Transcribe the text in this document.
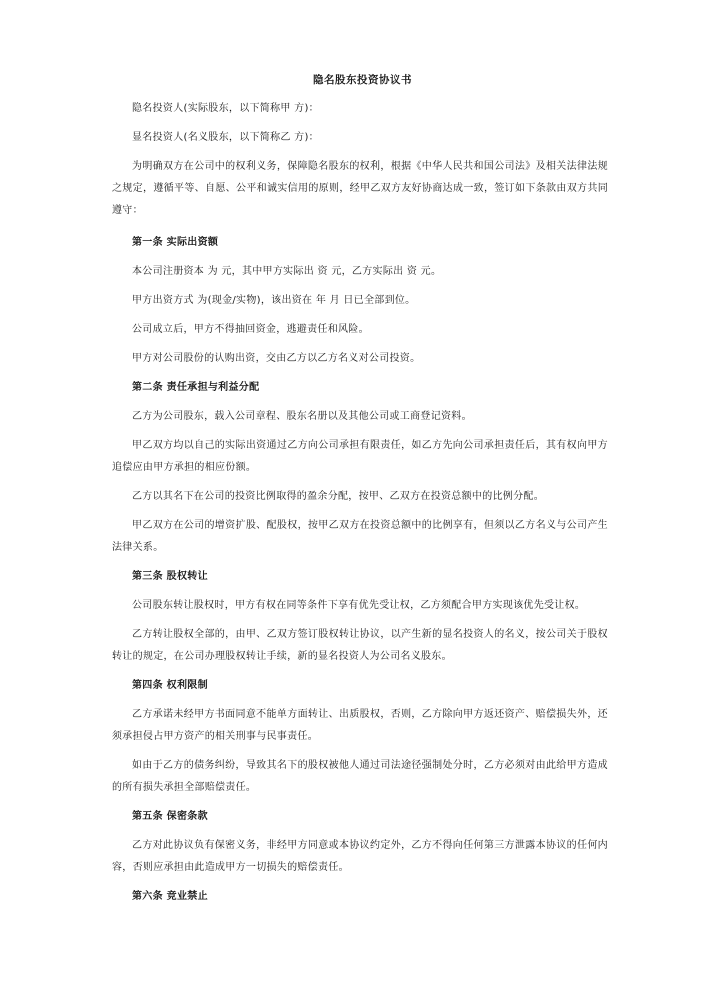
隐名股东投资协议书

隐名投资人(实际股东，以下简称甲 方)：

显名投资人(名义股东，以下简称乙 方)：

为明确双方在公司中的权利义务，保障隐名股东的权利，根据《中华人民共和国公司法》及相关法律法规之规定，遵循平等、自愿、公平和诚实信用的原则，经甲乙双方友好协商达成一致，签订如下条款由双方共同遵守：

第一条 实际出资额

本公司注册资本 为 元，其中甲方实际出 资 元，乙方实际出 资 元。

甲方出资方式 为(现金/实物)，该出资在 年 月 日已全部到位。

公司成立后，甲方不得抽回资金，逃避责任和风险。

甲方对公司股份的认购出资，交由乙方以乙方名义对公司投资。

第二条 责任承担与利益分配

乙方为公司股东，载入公司章程、股东名册以及其他公司或工商登记资料。

甲乙双方均以自己的实际出资通过乙方向公司承担有限责任，如乙方先向公司承担责任后，其有权向甲方追偿应由甲方承担的相应份额。

乙方以其名下在公司的投资比例取得的盈余分配，按甲、乙双方在投资总额中的比例分配。

甲乙双方在公司的增资扩股、配股权，按甲乙双方在投资总额中的比例享有，但须以乙方名义与公司产生法律关系。

第三条 股权转让

公司股东转让股权时，甲方有权在同等条件下享有优先受让权，乙方须配合甲方实现该优先受让权。

乙方转让股权全部的，由甲、乙双方签订股权转让协议，以产生新的显名投资人的名义，按公司关于股权转让的规定，在公司办理股权转让手续，新的显名投资人为公司名义股东。

第四条 权利限制

乙方承诺未经甲方书面同意不能单方面转让、出质股权，否则，乙方除向甲方返还资产、赔偿损失外，还须承担侵占甲方资产的相关刑事与民事责任。

如由于乙方的债务纠纷，导致其名下的股权被他人通过司法途径强制处分时，乙方必须对由此给甲方造成的所有损失承担全部赔偿责任。

第五条 保密条款

乙方对此协议负有保密义务，非经甲方同意或本协议约定外，乙方不得向任何第三方泄露本协议的任何内容，否则应承担由此造成甲方一切损失的赔偿责任。

第六条 竞业禁止
